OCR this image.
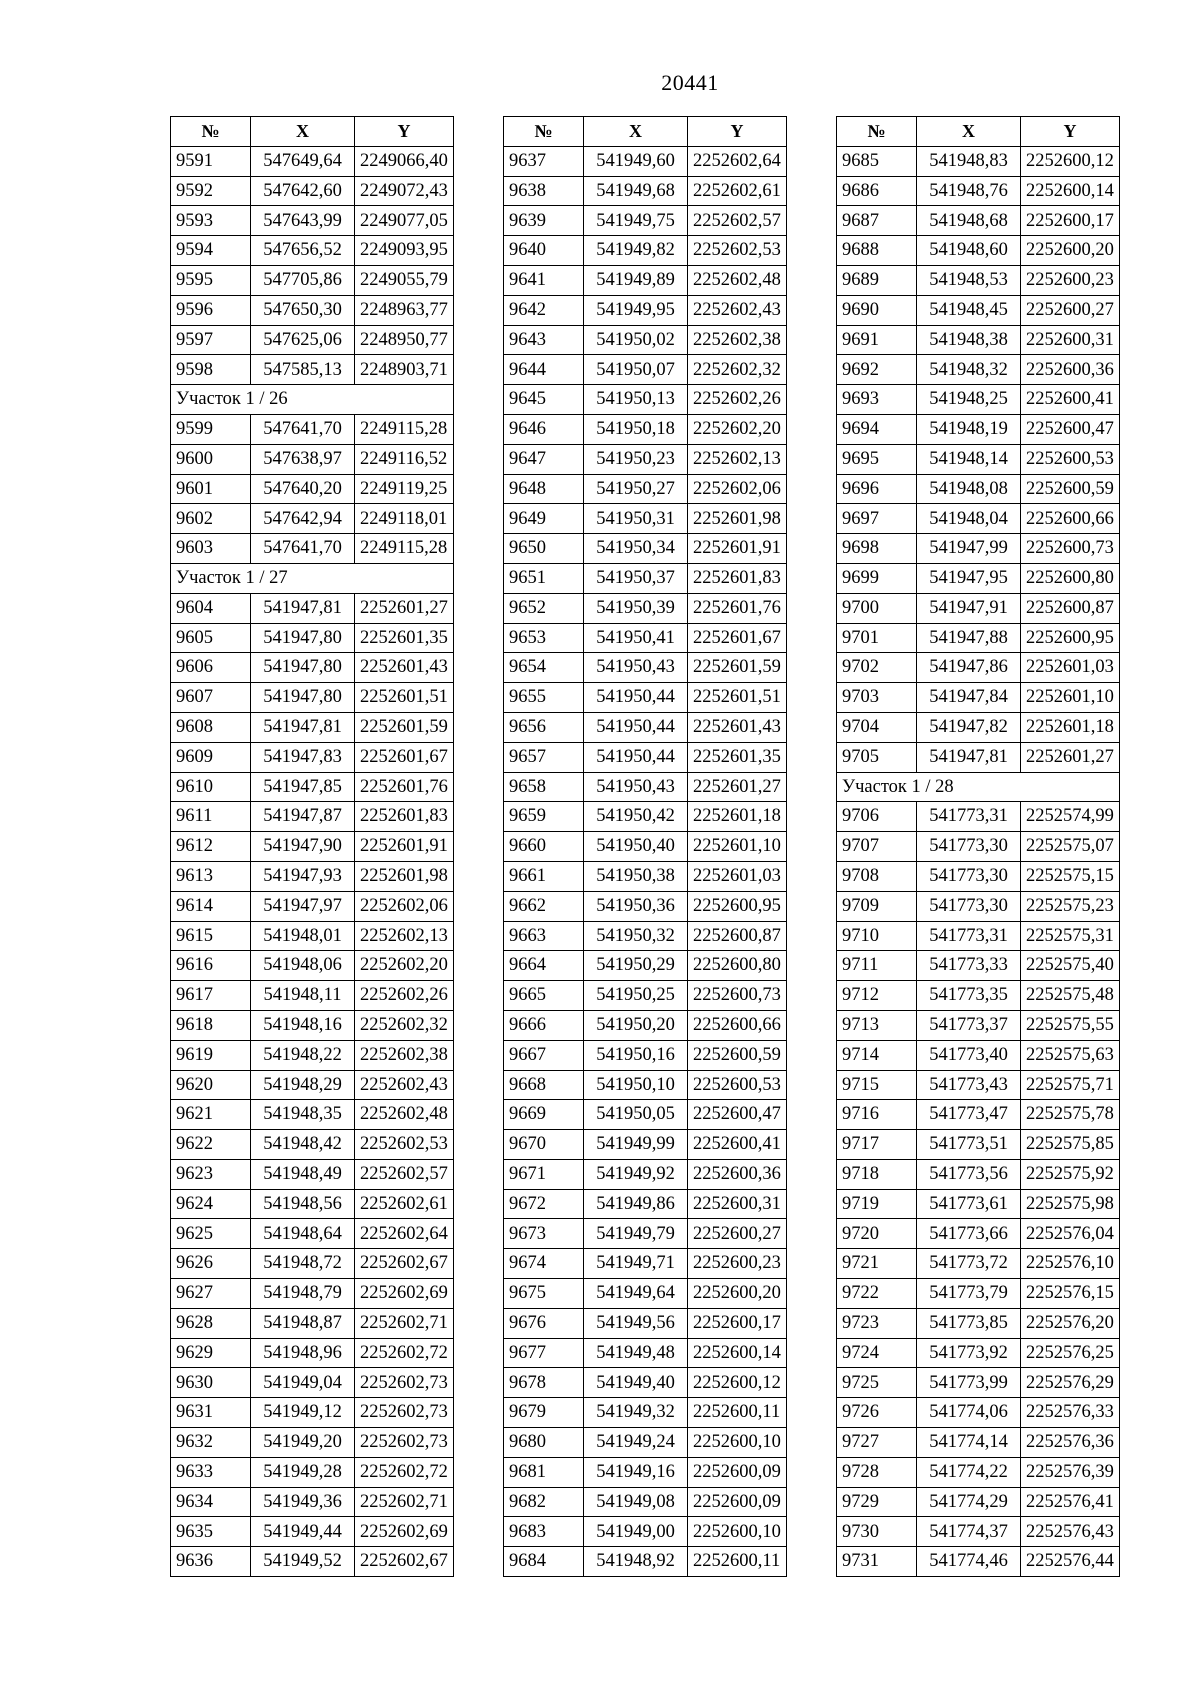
20441
№	X	Y
9591	547649,64	2249066,40
9592	547642,60	2249072,43
9593	547643,99	2249077,05
9594	547656,52	2249093,95
9595	547705,86	2249055,79
9596	547650,30	2248963,77
9597	547625,06	2248950,77
9598	547585,13	2248903,71
Участок 1 / 26		
9599	547641,70	2249115,28
9600	547638,97	2249116,52
9601	547640,20	2249119,25
9602	547642,94	2249118,01
9603	547641,70	2249115,28
Участок 1 / 27		
9604	541947,81	2252601,27
9605	541947,80	2252601,35
9606	541947,80	2252601,43
9607	541947,80	2252601,51
9608	541947,81	2252601,59
9609	541947,83	2252601,67
9610	541947,85	2252601,76
9611	541947,87	2252601,83
9612	541947,90	2252601,91
9613	541947,93	2252601,98
9614	541947,97	2252602,06
9615	541948,01	2252602,13
9616	541948,06	2252602,20
9617	541948,11	2252602,26
9618	541948,16	2252602,32
9619	541948,22	2252602,38
9620	541948,29	2252602,43
9621	541948,35	2252602,48
9622	541948,42	2252602,53
9623	541948,49	2252602,57
9624	541948,56	2252602,61
9625	541948,64	2252602,64
9626	541948,72	2252602,67
9627	541948,79	2252602,69
9628	541948,87	2252602,71
9629	541948,96	2252602,72
9630	541949,04	2252602,73
9631	541949,12	2252602,73
9632	541949,20	2252602,73
9633	541949,28	2252602,72
9634	541949,36	2252602,71
9635	541949,44	2252602,69
9636	541949,52	2252602,67
№	X	Y
9637	541949,60	2252602,64
9638	541949,68	2252602,61
9639	541949,75	2252602,57
9640	541949,82	2252602,53
9641	541949,89	2252602,48
9642	541949,95	2252602,43
9643	541950,02	2252602,38
9644	541950,07	2252602,32
9645	541950,13	2252602,26
9646	541950,18	2252602,20
9647	541950,23	2252602,13
9648	541950,27	2252602,06
9649	541950,31	2252601,98
9650	541950,34	2252601,91
9651	541950,37	2252601,83
9652	541950,39	2252601,76
9653	541950,41	2252601,67
9654	541950,43	2252601,59
9655	541950,44	2252601,51
9656	541950,44	2252601,43
9657	541950,44	2252601,35
9658	541950,43	2252601,27
9659	541950,42	2252601,18
9660	541950,40	2252601,10
9661	541950,38	2252601,03
9662	541950,36	2252600,95
9663	541950,32	2252600,87
9664	541950,29	2252600,80
9665	541950,25	2252600,73
9666	541950,20	2252600,66
9667	541950,16	2252600,59
9668	541950,10	2252600,53
9669	541950,05	2252600,47
9670	541949,99	2252600,41
9671	541949,92	2252600,36
9672	541949,86	2252600,31
9673	541949,79	2252600,27
9674	541949,71	2252600,23
9675	541949,64	2252600,20
9676	541949,56	2252600,17
9677	541949,48	2252600,14
9678	541949,40	2252600,12
9679	541949,32	2252600,11
9680	541949,24	2252600,10
9681	541949,16	2252600,09
9682	541949,08	2252600,09
9683	541949,00	2252600,10
9684	541948,92	2252600,11
№	X	Y
9685	541948,83	2252600,12
9686	541948,76	2252600,14
9687	541948,68	2252600,17
9688	541948,60	2252600,20
9689	541948,53	2252600,23
9690	541948,45	2252600,27
9691	541948,38	2252600,31
9692	541948,32	2252600,36
9693	541948,25	2252600,41
9694	541948,19	2252600,47
9695	541948,14	2252600,53
9696	541948,08	2252600,59
9697	541948,04	2252600,66
9698	541947,99	2252600,73
9699	541947,95	2252600,80
9700	541947,91	2252600,87
9701	541947,88	2252600,95
9702	541947,86	2252601,03
9703	541947,84	2252601,10
9704	541947,82	2252601,18
9705	541947,81	2252601,27
Участок 1 / 28		
9706	541773,31	2252574,99
9707	541773,30	2252575,07
9708	541773,30	2252575,15
9709	541773,30	2252575,23
9710	541773,31	2252575,31
9711	541773,33	2252575,40
9712	541773,35	2252575,48
9713	541773,37	2252575,55
9714	541773,40	2252575,63
9715	541773,43	2252575,71
9716	541773,47	2252575,78
9717	541773,51	2252575,85
9718	541773,56	2252575,92
9719	541773,61	2252575,98
9720	541773,66	2252576,04
9721	541773,72	2252576,10
9722	541773,79	2252576,15
9723	541773,85	2252576,20
9724	541773,92	2252576,25
9725	541773,99	2252576,29
9726	541774,06	2252576,33
9727	541774,14	2252576,36
9728	541774,22	2252576,39
9729	541774,29	2252576,41
9730	541774,37	2252576,43
9731	541774,46	2252576,44
